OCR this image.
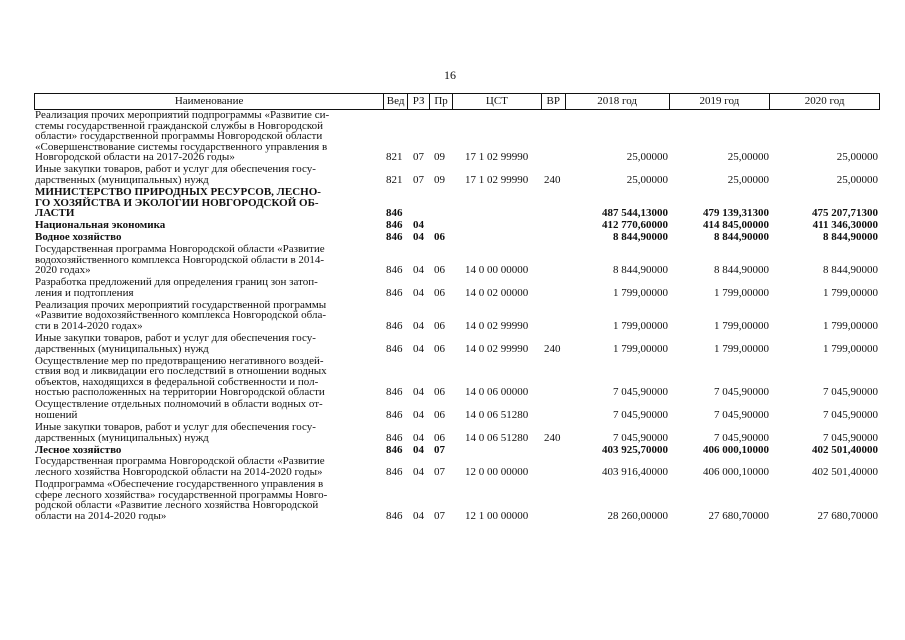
16
Наименование	Вед РЗ Пр	ЦСТ	ВР	2018 год	2019 год	2020 год
Реализация прочих мероприятий подпрограммы «Развитие си-
стемы государственной гражданской службы в Новгородской
области» государственной программы Новгородской области
«Совершенствование системы государственного управления в
Новгородской области на 2017-2026 годы»	821 07 09	17 1 02 99990	25,00000	25,00000	25,00000
Иные закупки товаров, работ и услуг для обеспечения госу-
дарственных (муниципальных) нужд	821 07 09	17 1 02 99990	240	25,00000	25,00000	25,00000
МИНИСТЕРСТВО ПРИРОДНЫХ РЕСУРСОВ, ЛЕСНО-
ГО ХОЗЯЙСТВА И ЭКОЛОГИИ НОВГОРОДСКОЙ ОБ-
ЛАСТИ	846	487 544,13000	479 139,31300	475 207,71300
Национальная экономика	846 04	412 770,60000	414 845,00000	411 346,30000
Водное хозяйство	846 04 06	8 844,90000	8 844,90000	8 844,90000
Государственная программа Новгородской области «Развитие
водохозяйственного комплекса Новгородской области в 2014-
2020 годах»	846 04 06	14 0 00 00000	8 844,90000	8 844,90000	8 844,90000
Разработка предложений для определения границ зон затоп-
ления и подтопления	846 04 06	14 0 02 00000	1 799,00000	1 799,00000	1 799,00000
Реализация прочих мероприятий государственной программы
«Развитие водохозяйственного комплекса Новгородской обла-
сти в 2014-2020 годах»	846 04 06	14 0 02 99990	1 799,00000	1 799,00000	1 799,00000
Иные закупки товаров, работ и услуг для обеспечения госу-
дарственных (муниципальных) нужд	846 04 06	14 0 02 99990	240	1 799,00000	1 799,00000	1 799,00000
Осуществление мер по предотвращению негативного воздей-
ствия вод и ликвидации его последствий в отношении водных
объектов, находящихся в федеральной собственности и пол-
ностью расположенных на территории Новгородской области	846 04 06	14 0 06 00000	7 045,90000	7 045,90000	7 045,90000
Осуществление отдельных полномочий в области водных от-
ношений	846 04 06	14 0 06 51280	7 045,90000	7 045,90000	7 045,90000
Иные закупки товаров, работ и услуг для обеспечения госу-
дарственных (муниципальных) нужд	846 04 06	14 0 06 51280	240	7 045,90000	7 045,90000	7 045,90000
Лесное хозяйство	846 04 07	403 925,70000	406 000,10000	402 501,40000
Государственная программа Новгородской области «Развитие
лесного хозяйства Новгородской области на 2014-2020 годы»	846 04 07	12 0 00 00000	403 916,40000	406 000,10000	402 501,40000
Подпрограмма «Обеспечение государственного управления в
сфере лесного хозяйства» государственной программы Новго-
родской области «Развитие лесного хозяйства Новгородской
области на 2014-2020 годы»	846 04 07	12 1 00 00000	28 260,00000	27 680,70000	27 680,70000
